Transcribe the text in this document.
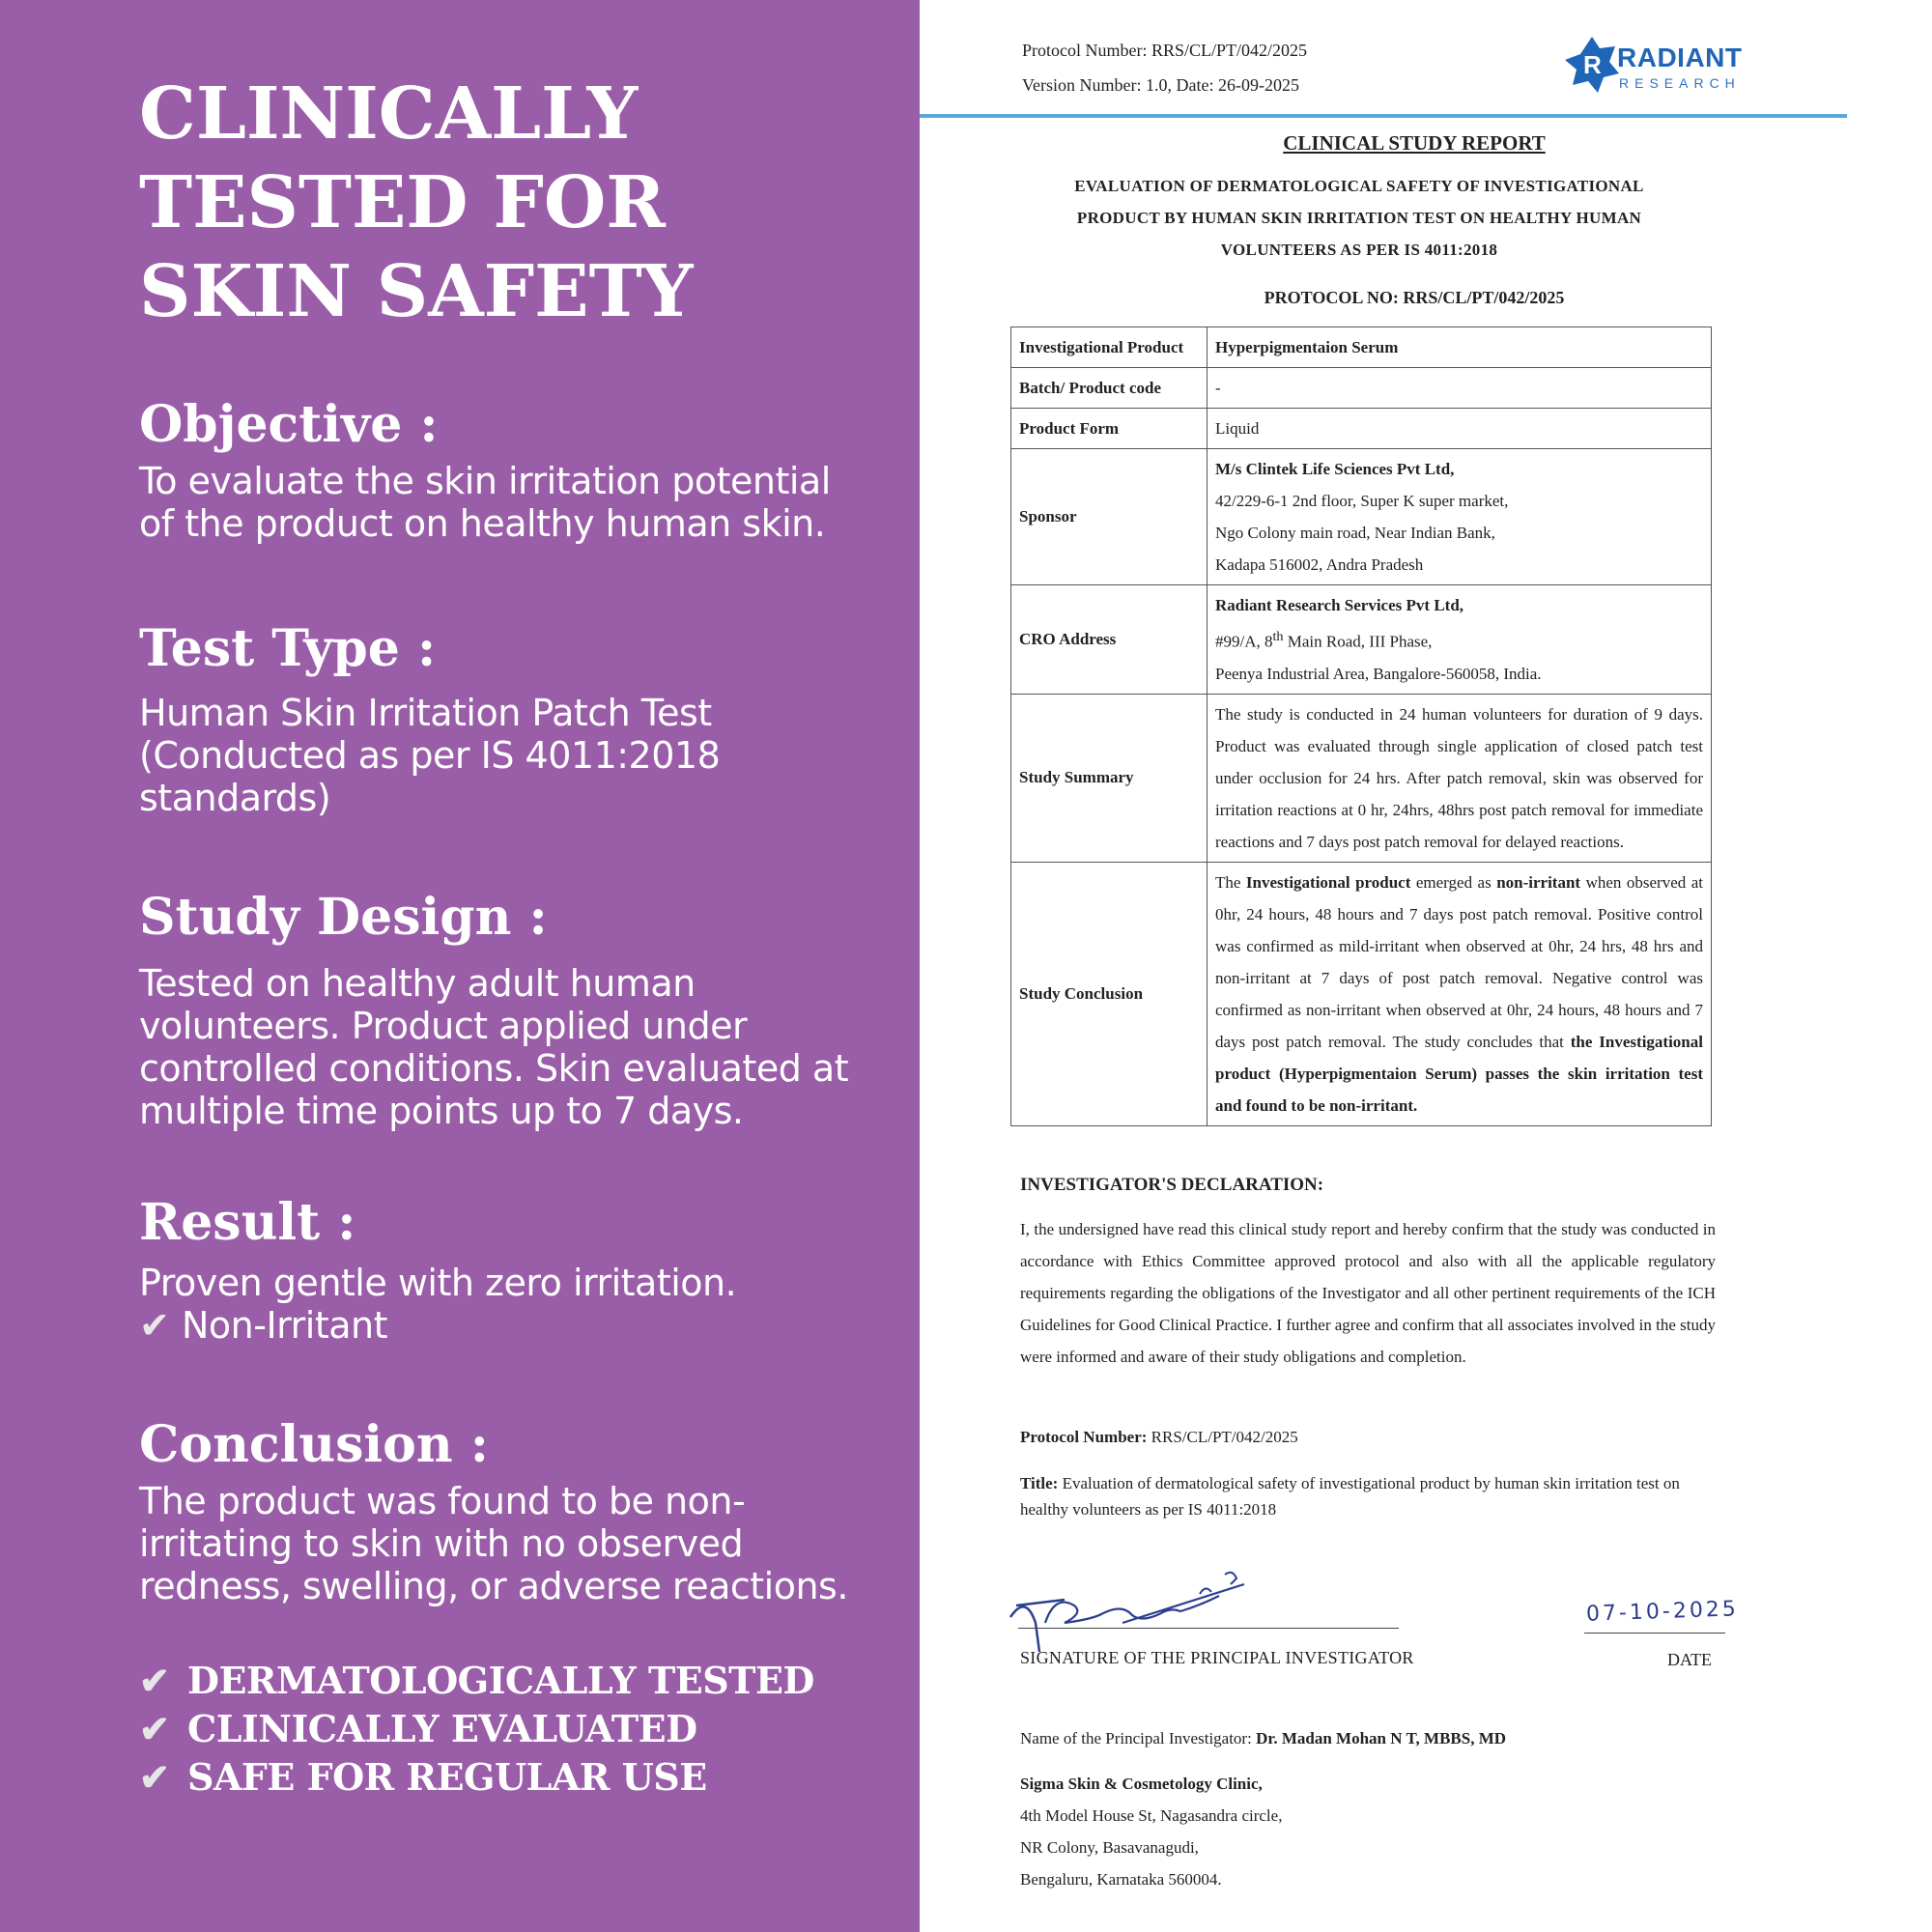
CLINICALLY TESTED FOR SKIN SAFETY
Objective :

To evaluate the skin irritation potential of the product on healthy human skin.

Test Type :

Human Skin Irritation Patch Test (Conducted as per IS 4011:2018 standards)

Study Design :

Tested on healthy adult human volunteers. Product applied under controlled conditions. Skin evaluated at multiple time points up to 7 days.

Result :

Proven gentle with zero irritation.
✔ Non-Irritant

Conclusion :

The product was found to be non-irritating to skin with no observed redness, swelling, or adverse reactions.

✔ DERMATOLOGICALLY TESTED
✔ CLINICALLY EVALUATED
✔ SAFE FOR REGULAR USE
Protocol Number: RRS/CL/PT/042/2025
Version Number: 1.0, Date: 26-09-2025
R RADIANT
RESEARCH
CLINICAL STUDY REPORT
EVALUATION OF DERMATOLOGICAL SAFETY OF INVESTIGATIONAL
PRODUCT BY HUMAN SKIN IRRITATION TEST ON HEALTHY HUMAN
VOLUNTEERS AS PER IS 4011:2018
PROTOCOL NO: RRS/CL/PT/042/2025
Investigational Product	Hyperpigmentaion Serum
Batch/ Product code	-
Product Form	Liquid
Sponsor	M/s Clintek Life Sciences Pvt Ltd,
42/229-6-1 2nd floor, Super K super market,
Ngo Colony main road, Near Indian Bank,
Kadapa 516002, Andra Pradesh

CRO Address	Radiant Research Services Pvt Ltd,
#99/A, 8th Main Road, III Phase,
Peenya Industrial Area, Bangalore-560058, India.

Study Summary	The study is conducted in 24 human volunteers for duration of 9 days. Product was evaluated through single application of closed patch test under occlusion for 24 hrs. After patch removal, skin was observed for irritation reactions at 0 hr, 24hrs, 48hrs post patch removal for immediate reactions and 7 days post patch removal for delayed reactions.
Study Conclusion	The Investigational product emerged as non-irritant when observed at 0hr, 24 hours, 48 hours and 7 days post patch removal. Positive control was confirmed as mild-irritant when observed at 0hr, 24 hrs, 48 hrs and non-irritant at 7 days of post patch removal. Negative control was confirmed as non-irritant when observed at 0hr, 24 hours, 48 hours and 7 days post patch removal. The study concludes that the Investigational product (Hyperpigmentaion Serum) passes the skin irritation test and found to be non-irritant.
INVESTIGATOR'S DECLARATION:
I, the undersigned have read this clinical study report and hereby confirm that the study was conducted in accordance with Ethics Committee approved protocol and also with all the applicable regulatory requirements regarding the obligations of the Investigator and all other pertinent requirements of the ICH Guidelines for Good Clinical Practice. I further agree and confirm that all associates involved in the study were informed and aware of their study obligations and completion.
Protocol Number: RRS/CL/PT/042/2025
Title: Evaluation of dermatological safety of investigational product by human skin irritation test on healthy volunteers as per IS 4011:2018
SIGNATURE OF THE PRINCIPAL INVESTIGATOR
07-10-2025
DATE
Name of the Principal Investigator: Dr. Madan Mohan N T, MBBS, MD
Sigma Skin & Cosmetology Clinic,
4th Model House St, Nagasandra circle,
NR Colony, Basavanagudi,
Bengaluru, Karnataka 560004.
